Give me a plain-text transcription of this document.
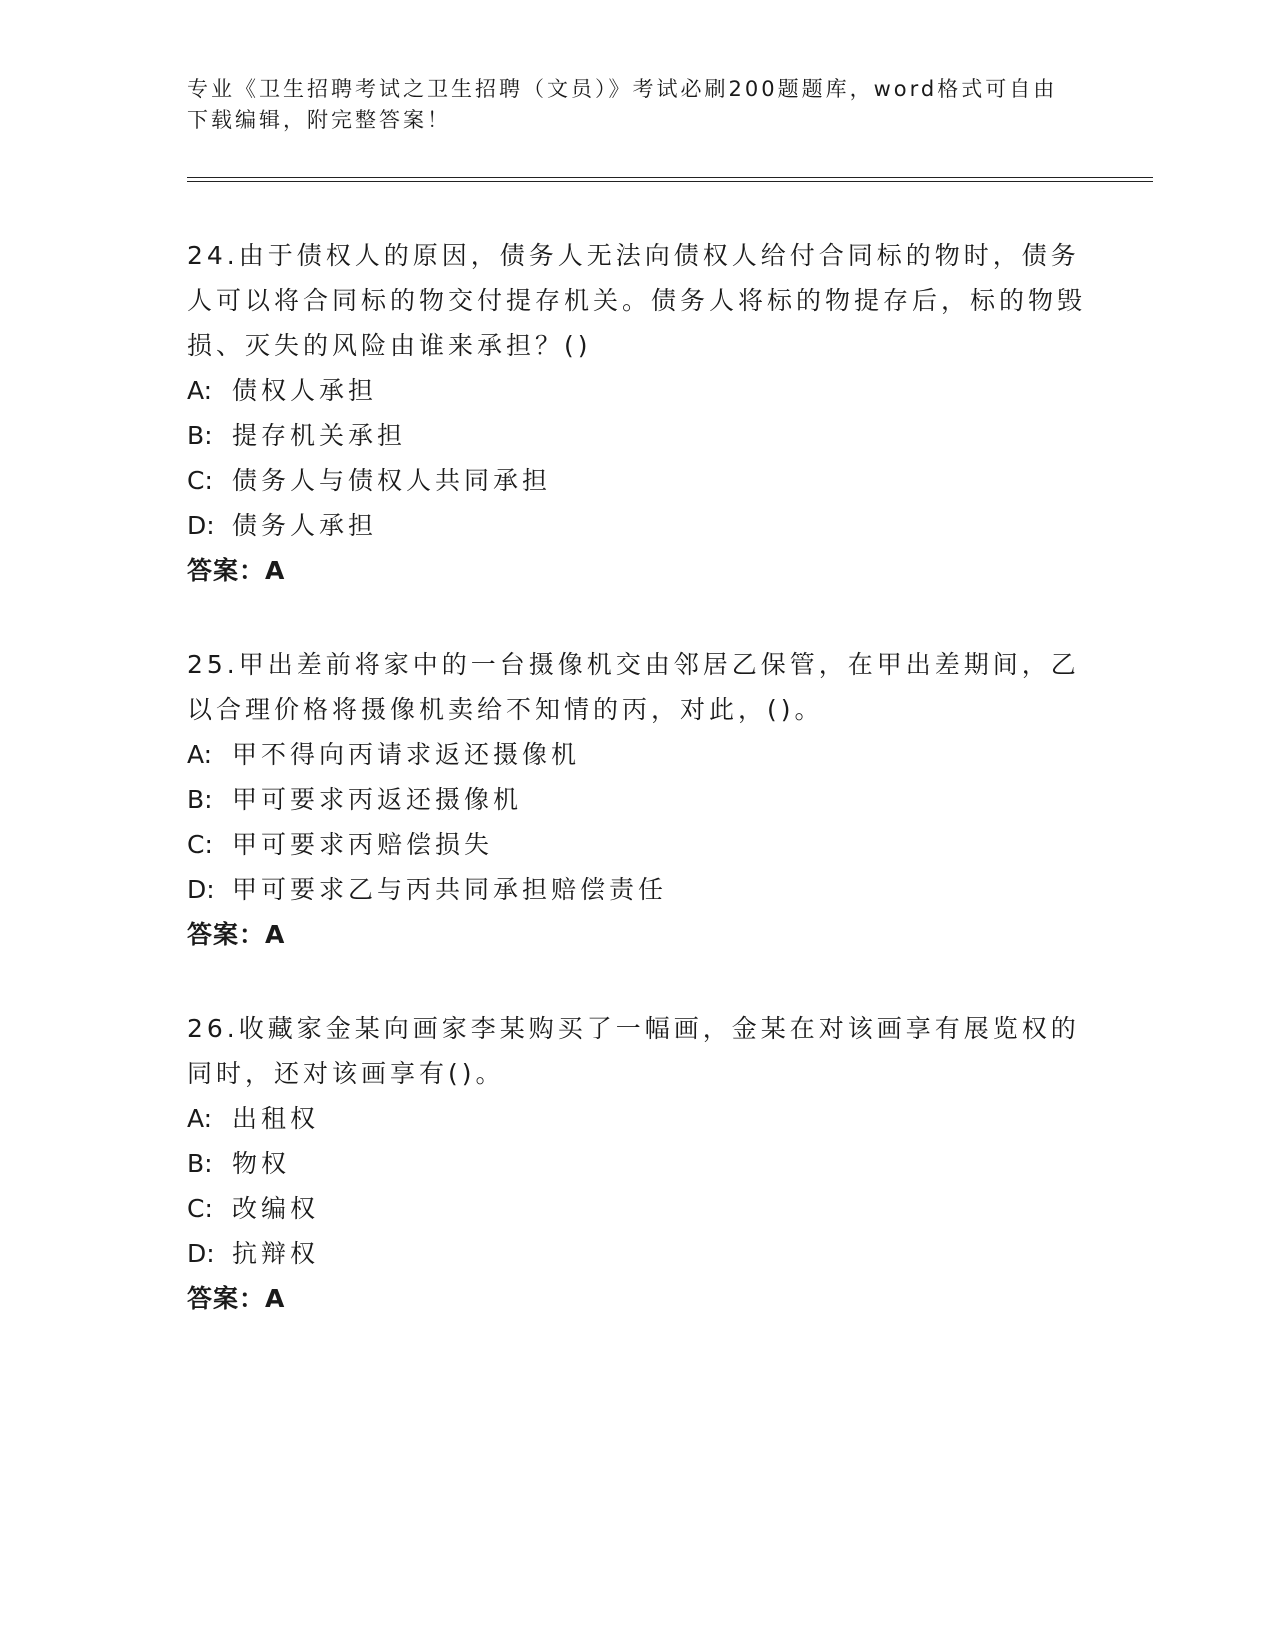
专业《卫生招聘考试之卫生招聘（文员）》考试必刷200题题库，word格式可自由下载编辑，附完整答案！

24.由于债权人的原因，债务人无法向债权人给付合同标的物时，债务人可以将合同标的物交付提存机关。债务人将标的物提存后，标的物毁损、灭失的风险由谁来承担？()

A: 债权人承担

B: 提存机关承担

C: 债务人与债权人共同承担

D: 债务人承担

答案：A

25.甲出差前将家中的一台摄像机交由邻居乙保管，在甲出差期间，乙以合理价格将摄像机卖给不知情的丙，对此，()。

A: 甲不得向丙请求返还摄像机

B: 甲可要求丙返还摄像机

C: 甲可要求丙赔偿损失

D: 甲可要求乙与丙共同承担赔偿责任

答案：A

26.收藏家金某向画家李某购买了一幅画，金某在对该画享有展览权的同时，还对该画享有()。

A: 出租权

B: 物权

C: 改编权

D: 抗辩权

答案：A
